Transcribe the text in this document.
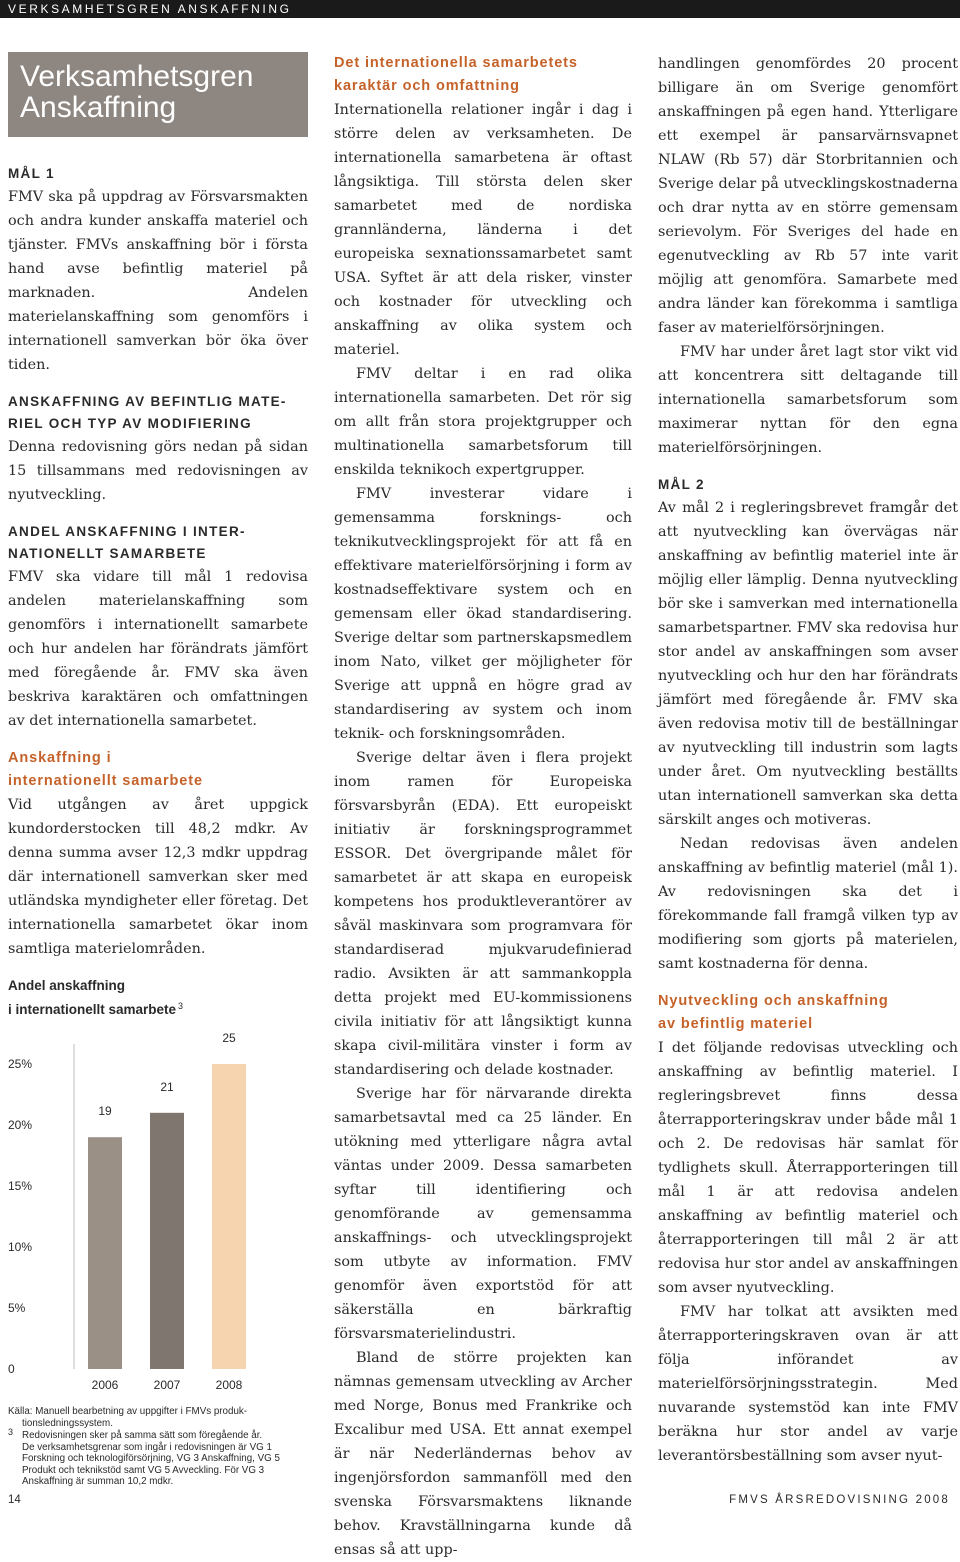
VERKSAMHETSGREN ANSKAFFNING
Verksamhetsgren
Anskaffning
MÅL 1

FMV ska på uppdrag av Försvarsmakten och andra kunder anskaffa materiel och tjänster. FMVs anskaffning bör i första hand avse befintlig materiel på marknaden. Andelen materielanskaffning som genomförs i internationell samverkan bör öka över tiden.

ANSKAFFNING AV BEFINTLIG MATE-
RIEL OCH TYP AV MODIFIERING

Denna redovisning görs nedan på sidan 15 tillsammans med redovisningen av nyutveckling.

ANDEL ANSKAFFNING I INTER-
NATIONELLT SAMARBETE

FMV ska vidare till mål 1 redovisa andelen materielanskaffning som genomförs i internationellt samarbete och hur andelen har förändrats jämfört med föregående år. FMV ska även beskriva karaktären och omfattningen av det internationella samarbetet.

Anskaffning i
internationellt samarbete

Vid utgången av året uppgick kundorderstocken till 48,2 mdkr. Av denna summa avser 12,3 mdkr uppdrag där internationell samverkan sker med utländska myndigheter eller företag. Det internationella samarbetet ökar inom samtliga materielområden.

Andel anskaffning
i internationellt samarbete $^3$
0
5%
10%
15%
20%
25%
19
2006
21
2007
25
2008
Källa: Manuell bearbetning av uppgifter i FMVs produk-
tionsledningssystem.
3 Redovisningen sker på samma sätt som föregående år.
De verksamhetsgrenar som ingår i redovisningen är VG 1 Forskning och teknologiförsörjning, VG 3 Anskaffning, VG 5 Produkt och teknikstöd samt VG 5 Avveckling. För VG 3 Anskaffning är summan 10,2 mdkr.
Det internationella samarbetets
karaktär och omfattning

Internationella relationer ingår i dag i större delen av verksamheten. De internationella samarbetena är oftast långsiktiga. Till största delen sker samarbetet med de nordiska grannländerna, länderna i det europeiska sexnationssamarbetet samt USA. Syftet är att dela risker, vinster och kostnader för utveckling och anskaffning av olika system och materiel.

FMV deltar i en rad olika internationella samarbeten. Det rör sig om allt från stora projektgrupper och multinationella samarbetsforum till enskilda teknikoch expertgrupper.

FMV investerar vidare i gemensamma forsknings- och teknikutvecklingsprojekt för att få en effektivare materielförsörjning i form av kostnadseffektivare system och en gemensam eller ökad standardisering. Sverige deltar som partnerskapsmedlem inom Nato, vilket ger möjligheter för Sverige att uppnå en högre grad av standardisering av system och inom teknik- och forskningsområden.

Sverige deltar även i flera projekt inom ramen för Europeiska försvarsbyrån (EDA). Ett europeiskt initiativ är forskningsprogrammet ESSOR. Det övergripande målet för samarbetet är att skapa en europeisk kompetens hos produktleverantörer av såväl maskinvara som programvara för standardiserad mjukvarudefinierad radio. Avsikten är att sammankoppla detta projekt med EU-kommissionens civila initiativ för att långsiktigt kunna skapa civil-militära vinster i form av standardisering och delade kostnader.

Sverige har för närvarande direkta samarbetsavtal med ca 25 länder. En utökning med ytterligare några avtal väntas under 2009. Dessa samarbeten syftar till identifiering och genomförande av gemensamma anskaffnings- och utvecklingsprojekt som utbyte av information. FMV genomför även exportstöd för att säkerställa en bärkraftig försvarsmaterielindustri.

Bland de större projekten kan nämnas gemensam utveckling av Archer med Norge, Bonus med Frankrike och Excalibur med USA. Ett annat exempel är när Nederländernas behov av ingenjörsfordon sammanföll med den svenska Försvarsmaktens liknande behov. Kravställningarna kunde då ensas så att upp-

handlingen genomfördes 20 procent billigare än om Sverige genomfört anskaffningen på egen hand. Ytterligare ett exempel är pansarvärnsvapnet NLAW (Rb 57) där Storbritannien och Sverige delar på utvecklingskostnaderna och drar nytta av en större gemensam serievolym. För Sveriges del hade en egenutveckling av Rb 57 inte varit möjlig att genomföra. Samarbete med andra länder kan förekomma i samtliga faser av materielförsörjningen.

FMV har under året lagt stor vikt vid att koncentrera sitt deltagande till internationella samarbetsforum som maximerar nyttan för den egna materielförsörjningen.

MÅL 2

Av mål 2 i regleringsbrevet framgår det att nyutveckling kan övervägas när anskaffning av befintlig materiel inte är möjlig eller lämplig. Denna nyutveckling bör ske i samverkan med internationella samarbetspartner. FMV ska redovisa hur stor andel av anskaffningen som avser nyutveckling och hur den har förändrats jämfört med föregående år. FMV ska även redovisa motiv till de beställningar av nyutveckling till industrin som lagts under året. Om nyutveckling beställts utan internationell samverkan ska detta särskilt anges och motiveras.

Nedan redovisas även andelen anskaffning av befintlig materiel (mål 1). Av redovisningen ska det i förekommande fall framgå vilken typ av modifiering som gjorts på materielen, samt kostnaderna för denna.

Nyutveckling och anskaffning
av befintlig materiel

I det följande redovisas utveckling och anskaffning av befintlig materiel. I regleringsbrevet finns dessa återrapporteringskrav under både mål 1 och 2. De redovisas här samlat för tydlighets skull. Återrapporteringen till mål 1 är att redovisa andelen anskaffning av befintlig materiel och återrapporteringen till mål 2 är att redovisa hur stor andel av anskaffningen som avser nyutveckling.

FMV har tolkat att avsikten med återrapporteringskraven ovan är att följa införandet av materielförsörjningsstrategin. Med nuvarande systemstöd kan inte FMV beräkna hur stor andel av varje leverantörsbeställning som avser nyut-

14	FMVS ÅRSREDOVISNING 2008
